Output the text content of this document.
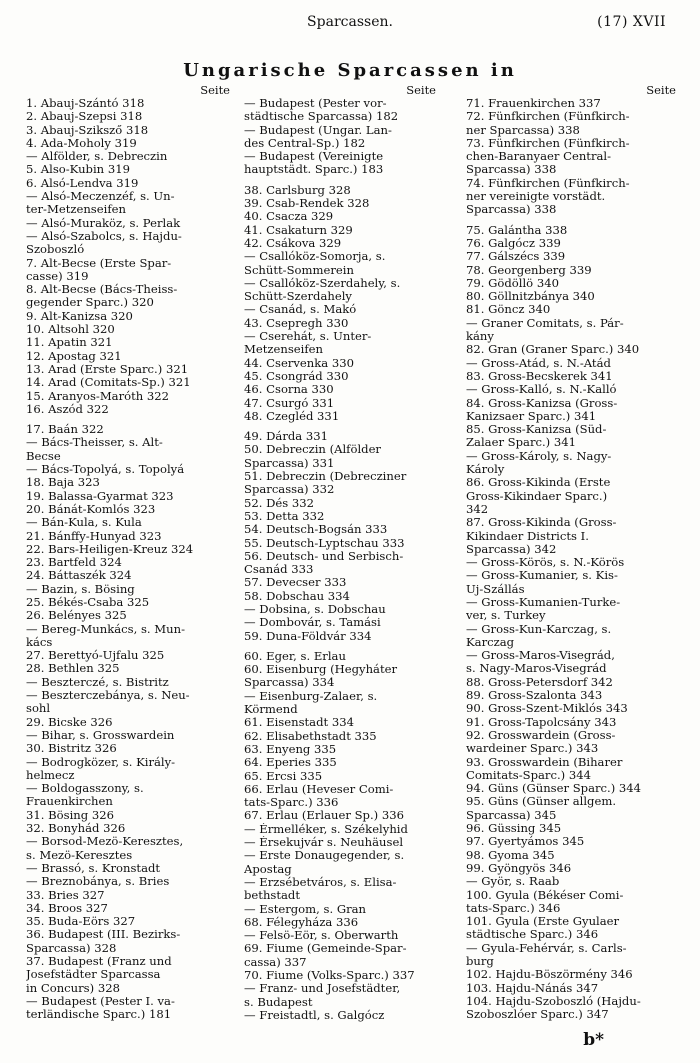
Sparcassen.	(17) XVII
Ungarische Sparcassen in
Seite
1. Abauj-Szántó 318
2. Abauj-Szepsi 318
3. Abauj-Sziksző 318
4. Ada-Moholy 319
— Alfölder, s. Debreczin
5. Also-Kubin 319
6. Alsó-Lendva 319
— Alsó-Meczenzéf, s. Un-
ter-Metzenseifen
— Alsó-Muraköz, s. Perlak
— Alsó-Szabolcs, s. Hajdu-
Szoboszló
7. Alt-Becse (Erste Spar-
casse) 319
8. Alt-Becse (Bács-Theiss-
gegender Sparc.) 320
9. Alt-Kanizsa 320
10. Altsohl 320
11. Apatin 321
12. Apostag 321
13. Arad (Erste Sparc.) 321
14. Arad (Comitats-Sp.) 321
15. Aranyos-Maróth 322
16. Aszód 322
17. Baán 322
— Bács-Theisser, s. Alt-
Becse
— Bács-Topolyá, s. Topolyá
18. Baja 323
19. Balassa-Gyarmat 323
20. Bánát-Komlós 323
— Bán-Kula, s. Kula
21. Bánffy-Hunyad 323
22. Bars-Heiligen-Kreuz 324
23. Bartfeld 324
24. Báttaszék 324
— Bazin, s. Bösing
25. Békés-Csaba 325
26. Belényes 325
— Bereg-Munkács, s. Mun-
kács
27. Berettyó-Ujfalu 325
28. Bethlen 325
— Beszterczé, s. Bistritz
— Beszterczebánya, s. Neu-
sohl
29. Bicske 326
— Bihar, s. Grosswardein
30. Bistritz 326
— Bodrogközer, s. Király-
helmecz
— Boldogasszony, s.
Frauenkirchen
31. Bösing 326
32. Bonyhád 326
— Borsod-Mezö-Keresztes,
s. Mezö-Keresztes
— Brassó, s. Kronstadt
— Breznobánya, s. Bries
33. Bries 327
34. Broos 327
35. Buda-Eörs 327
36. Budapest (III. Bezirks-
Sparcassa) 328
37. Budapest (Franz und
Josefstädter Sparcassa
in Concurs) 328
— Budapest (Pester I. va-
terländische Sparc.) 181
Seite
— Budapest (Pester vor-
städtische Sparcassa) 182
— Budapest (Ungar. Lan-
des Central-Sp.) 182
— Budapest (Vereinigte
hauptstädt. Sparc.) 183
38. Carlsburg 328
39. Csab-Rendek 328
40. Csacza 329
41. Csakaturn 329
42. Csákova 329
— Csallóköz-Somorja, s.
Schütt-Sommerein
— Csallóköz-Szerdahely, s.
Schütt-Szerdahely
— Csanád, s. Makó
43. Csepregh 330
— Cserehát, s. Unter-
Metzenseifen
44. Cservenka 330
45. Csongrád 330
46. Csorna 330
47. Csurgó 331
48. Czegléd 331
49. Dárda 331
50. Debreczin (Alfölder
Sparcassa) 331
51. Debreczin (Debrecziner
Sparcassa) 332
52. Dés 332
53. Detta 332
54. Deutsch-Bogsán 333
55. Deutsch-Lyptschau 333
56. Deutsch- und Serbisch-
Csanád 333
57. Devecser 333
58. Dobschau 334
— Dobsina, s. Dobschau
— Dombovár, s. Tamási
59. Duna-Földvár 334
60. Eger, s. Erlau
60. Eisenburg (Hegyháter
Sparcassa) 334
— Eisenburg-Zalaer, s.
Körmend
61. Eisenstadt 334
62. Elisabethstadt 335
63. Enyeng 335
64. Eperies 335
65. Ercsi 335
66. Erlau (Heveser Comi-
tats-Sparc.) 336
67. Erlau (Erlauer Sp.) 336
— Érmelléker, s. Székelyhid
— Érsekujvár s. Neuhäusel
— Erste Donaugegender, s.
Apostag
— Erzsébetváros, s. Elisa-
bethstadt
— Estergom, s. Gran
68. Félegyháza 336
— Felsö-Eör, s. Oberwarth
69. Fiume (Gemeinde-Spar-
cassa) 337
70. Fiume (Volks-Sparc.) 337
— Franz- und Josefstädter,
s. Budapest
— Freistadtl, s. Galgócz
Seite
71. Frauenkirchen 337
72. Fünfkirchen (Fünfkirch-
ner Sparcassa) 338
73. Fünfkirchen (Fünfkirch-
chen-Baranyaer Central-
Sparcassa) 338
74. Fünfkirchen (Fünfkirch-
ner vereinigte vorstädt.
Sparcassa) 338
75. Galántha 338
76. Galgócz 339
77. Gálszécs 339
78. Georgenberg 339
79. Gödöllö 340
80. Göllnitzbánya 340
81. Göncz 340
— Graner Comitats, s. Pár-
kány
82. Gran (Graner Sparc.) 340
— Gross-Atád, s. N.-Atád
83. Gross-Becskerek 341
— Gross-Kalló, s. N.-Kalló
84. Gross-Kanizsa (Gross-
Kanizsaer Sparc.) 341
85. Gross-Kanizsa (Süd-
Zalaer Sparc.) 341
— Gross-Károly, s. Nagy-
Károly
86. Gross-Kikinda (Erste
Gross-Kikindaer Sparc.)
342
87. Gross-Kikinda (Gross-
Kikindaer Districts I.
Sparcassa) 342
— Gross-Körös, s. N.-Körös
— Gross-Kumanier, s. Kis-
Uj-Szállás
— Gross-Kumanien-Turke-
ver, s. Turkey
— Gross-Kun-Karczag, s.
Karczag
— Gross-Maros-Visegrád,
s. Nagy-Maros-Visegrád
88. Gross-Petersdorf 342
89. Gross-Szalonta 343
90. Gross-Szent-Miklós 343
91. Gross-Tapolcsány 343
92. Grosswardein (Gross-
wardeiner Sparc.) 343
93. Grosswardein (Biharer
Comitats-Sparc.) 344
94. Güns (Günser Sparc.) 344
95. Güns (Günser allgem.
Sparcassa) 345
96. Güssing 345
97. Gyertyámos 345
98. Gyoma 345
99. Gyöngyös 346
— Györ, s. Raab
100. Gyula (Békéser Comi-
tats-Sparc.) 346
101. Gyula (Erste Gyulaer
städtische Sparc.) 346
— Gyula-Fehérvár, s. Carls-
burg
102. Hajdu-Böszörmény 346
103. Hajdu-Nánás 347
104. Hajdu-Szoboszló (Hajdu-
Szoboszlóer Sparc.) 347
b*
